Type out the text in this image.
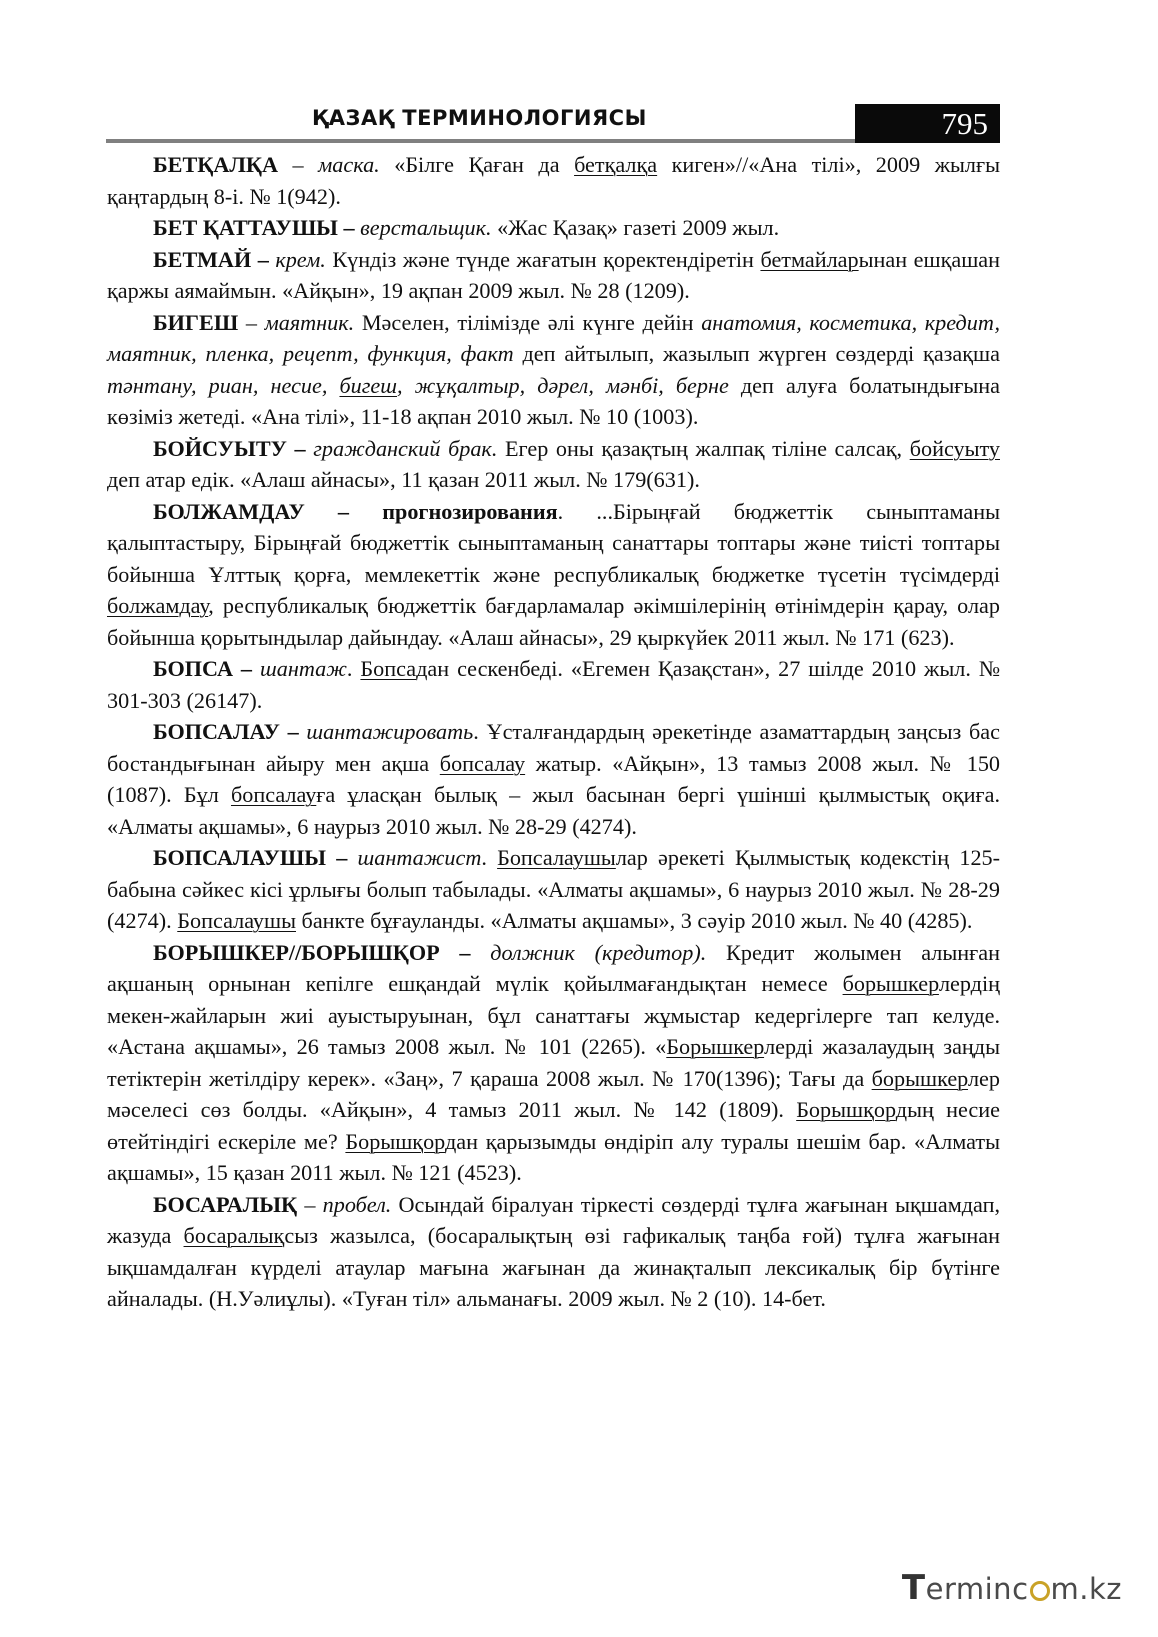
ҚАЗАҚ ТЕРМИНОЛОГИЯСЫ	795

БЕТҚАЛҚА – маска. «Білге Қаған да бетқалқа киген»//«Ана тілі», 2009 жылғы қаңтардың 8-і. № 1(942).

БЕТ ҚАТТАУШЫ – верстальщик. «Жас Қазақ» газеті 2009 жыл.

БЕТМАЙ – крем. Күндіз және түнде жағатын қоректендіретін бетмайларынан ешқашан қаржы аямаймын. «Айқын», 19 ақпан 2009 жыл. № 28 (1209).

БИГЕШ – маятник. Мәселен, тілімізде әлі күнге дейін анатомия, косметика, кредит, маятник, пленка, рецепт, функция, факт деп айтылып, жазылып жүрген сөздерді қазақша тәнтану, риан, несие, бигеш, жұқалтыр, дәрел, мәнбі, берне деп алуға болатындығына көзіміз жетеді. «Ана тілі», 11-18 ақпан 2010 жыл. № 10 (1003).

БОЙСУЫТУ – гражданский брак. Егер оны қазақтың жалпақ тіліне салсақ, бойсуыту деп атар едік. «Алаш айнасы», 11 қазан 2011 жыл. № 179(631).

БОЛЖАМДАУ – прогнозирования. ...Бірыңғай бюджеттік сыныптаманы қалыптастыру, Бірыңғай бюджеттік сыныптаманың санаттары топтары және тиісті топтары бойынша Ұлттық қорға, мемлекеттік және республикалық бюджетке түсетін түсімдерді болжамдау, республикалық бюджеттік бағдарламалар әкімшілерінің өтінімдерін қарау, олар бойынша қорытындылар дайындау. «Алаш айнасы», 29 қыркүйек 2011 жыл. № 171 (623).

БОПСА – шантаж. Бопсадан сескенбеді. «Егемен Қазақстан», 27 шілде 2010 жыл. № 301-303 (26147).

БОПСАЛАУ – шантажировать. Ұсталғандардың әрекетінде азаматтардың заңсыз бас бостандығынан айыру мен ақша бопсалау жатыр. «Айқын», 13 тамыз 2008 жыл. № 150 (1087). Бұл бопсалауға ұласқан былық – жыл басынан бергі үшінші қылмыстық оқиға. «Алматы ақшамы», 6 наурыз 2010 жыл. № 28-29 (4274).

БОПСАЛАУШЫ – шантажист. Бопсалаушылар әрекеті Қылмыстық кодекстің 125-бабына сәйкес кісі ұрлығы болып табылады. «Алматы ақшамы», 6 наурыз 2010 жыл. № 28-29 (4274). Бопсалаушы банкте бұғауланды. «Алматы ақшамы», 3 сәуір 2010 жыл. № 40 (4285).

БОРЫШКЕР//БОРЫШҚОР – должник (кредитор). Кредит жолымен алынған ақшаның орнынан кепілге ешқандай мүлік қойылмағандықтан немесе борышкерлердің мекен-жайларын жиі ауыстыруынан, бұл санаттағы жұмыстар кедергілерге тап келуде. «Астана ақшамы», 26 тамыз 2008 жыл. № 101 (2265). «Борышкерлерді жазалаудың заңды тетіктерін жетілдіру керек». «Заң», 7 қараша 2008 жыл. № 170(1396); Тағы да борышкерлер мәселесі сөз болды. «Айқын», 4 тамыз 2011 жыл. № 142 (1809). Борышқордың несие өтейтіндігі ескеріле ме? Борышқордан қарызымды өндіріп алу туралы шешім бар. «Алматы ақшамы», 15 қазан 2011 жыл. № 121 (4523).

БОСАРАЛЫҚ – пробел. Осындай біралуан тіркесті сөздерді тұлға жағынан ықшамдап, жазуда босаралықсыз жазылса, (босаралықтың өзі гафикалық таңба ғой) тұлға жағынан ықшамдалған күрделі атаулар мағына жағынан да жинақталып лексикалық бір бүтінге айналады. (Н.Уәлиұлы). «Туған тіл» альманағы. 2009 жыл. № 2 (10). 14-бет.

Terminc m.kz
